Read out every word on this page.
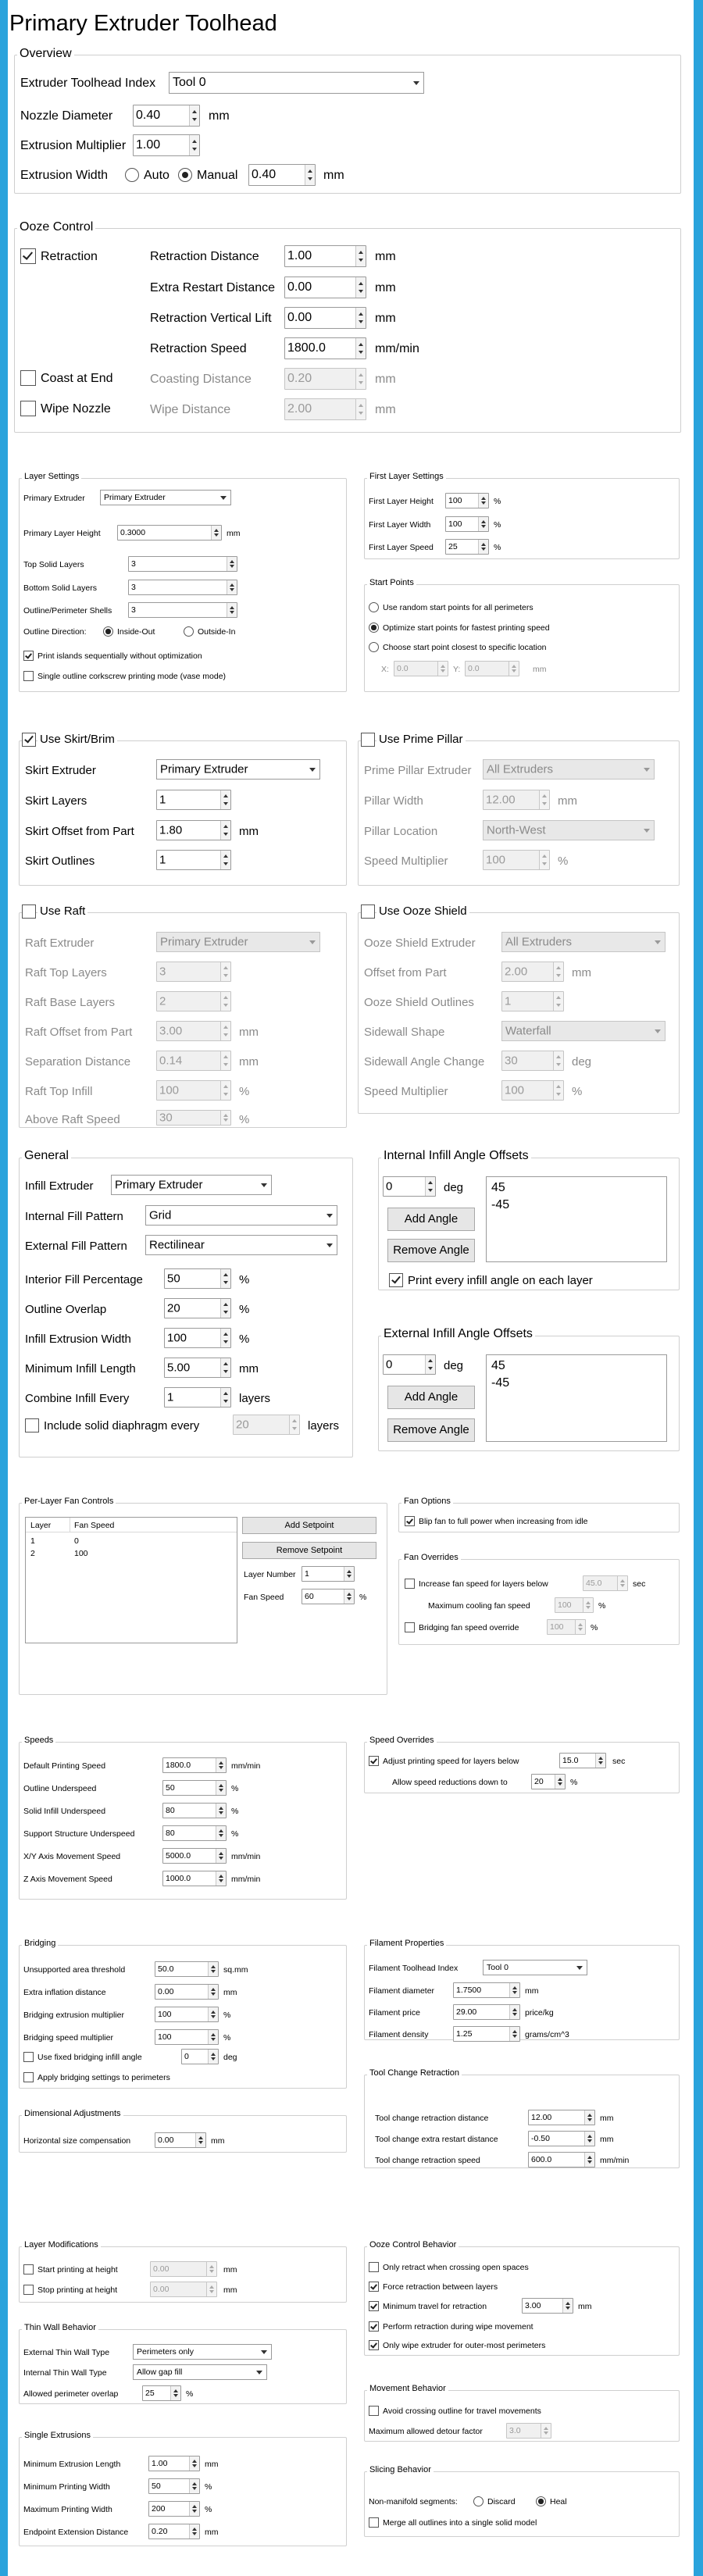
Primary Extruder Toolhead
Overview
Extruder Toolhead Index Tool 0
Nozzle Diameter 0.40	mm
Extrusion Multiplier 1.00
Extrusion Width	Auto Manual 0.40	mm
Ooze Control
Retraction	Retraction Distance 1.00	mm
Extra Restart Distance 0.00	mm
Retraction Vertical Lift 0.00	mm
Retraction Speed	1800.0	mm/min
Coast at End	Coasting Distance	0.20	mm
Wipe Nozzle	Wipe Distance	2.00	mm
Layer Settings
Primary Extruder Primary Extruder
Primary Layer Height 0.3000	mm
Top Solid Layers	3
Bottom Solid Layers	3
Outline/Perimeter Shells 3
Outline Direction:	Inside-Out	Outside-In
Print islands sequentially without optimization
Single outline corkscrew printing mode (vase mode)
First Layer Settings
First Layer Height 100	%
First Layer Width 100	%
First Layer Speed 25	%
Start Points
Use random start points for all perimeters
Optimize start points for fastest printing speed
Choose start point closest to specific location
X: 0.0	Y: 0.0	mm
Use Skirt/Brim
Skirt Extruder	Primary Extruder
Skirt Layers	1
Skirt Offset from Part 1.80	mm
Skirt Outlines	1
Use Prime Pillar
Prime Pillar Extruder All Extruders
Pillar Width	12.00	mm
Pillar Location	North-West
Speed Multiplier	100	%
Use Raft
Raft Extruder	Primary Extruder
Raft Top Layers	3
Raft Base Layers	2
Raft Offset from Part 3.00	mm
Separation Distance 0.14	mm
Raft Top Infill	100	%
Above Raft Speed	30	%
Use Ooze Shield
Ooze Shield Extruder	All Extruders
Offset from Part	2.00	mm
Ooze Shield Outlines	1
Sidewall Shape	Waterfall
Sidewall Angle Change 30	deg
Speed Multiplier	100	%
General
Infill Extruder Primary Extruder
Internal Fill Pattern Grid
External Fill Pattern Rectilinear
Interior Fill Percentage 50	%
Outline Overlap	20	%
Infill Extrusion Width	100	%
Minimum Infill Length	5.00	mm
Combine Infill Every	1	layers
Include solid diaphragm every	20	layers
Internal Infill Angle Offsets
0	deg
Add Angle
Remove Angle
45
-45
Print every infill angle on each layer
External Infill Angle Offsets
0	deg
Add Angle
Remove Angle
45
-45
Per-Layer Fan Controls
Layer	Fan Speed
1	0
2	100
Add Setpoint
Remove Setpoint
Layer Number 1
Fan Speed	60	%
Fan Options
Blip fan to full power when increasing from idle
Fan Overrides
Increase fan speed for layers below	45.0	sec
Maximum cooling fan speed	100	%
Bridging fan speed override	100	%
Speeds
Default Printing Speed	1800.0	mm/min
Outline Underspeed	50	%
Solid Infill Underspeed	80	%
Support Structure Underspeed	80	%
X/Y Axis Movement Speed	5000.0	mm/min
Z Axis Movement Speed	1000.0	mm/min
Speed Overrides
Adjust printing speed for layers below	15.0	sec
Allow speed reductions down to	20	%
Bridging
Unsupported area threshold	50.0	sq.mm
Extra inflation distance	0.00	mm
Bridging extrusion multiplier	100	%
Bridging speed multiplier	100	%
Use fixed bridging infill angle	0	deg
Apply bridging settings to perimeters
Filament Properties
Filament Toolhead Index	Tool 0
Filament diameter	1.7500	mm
Filament price	29.00	price/kg
Filament density	1.25	grams/cm^3
Tool Change Retraction
Tool change retraction distance	12.00	mm
Tool change extra restart distance	-0.50	mm
Tool change retraction speed	600.0	mm/min
Dimensional Adjustments
Horizontal size compensation	0.00	mm
Layer Modifications
Start printing at height	0.00	mm
Stop printing at height	0.00	mm
Ooze Control Behavior
Only retract when crossing open spaces
Force retraction between layers
Minimum travel for retraction	3.00	mm
Perform retraction during wipe movement
Only wipe extruder for outer-most perimeters
Thin Wall Behavior
External Thin Wall Type	Perimeters only
Internal Thin Wall Type	Allow gap fill
Allowed perimeter overlap	25	%
Movement Behavior
Avoid crossing outline for travel movements
Maximum allowed detour factor	3.0
Single Extrusions
Minimum Extrusion Length	1.00	mm
Minimum Printing Width	50	%
Maximum Printing Width	200	%
Endpoint Extension Distance	0.20	mm
Slicing Behavior
Non-manifold segments:	Discard	Heal
Merge all outlines into a single solid model
